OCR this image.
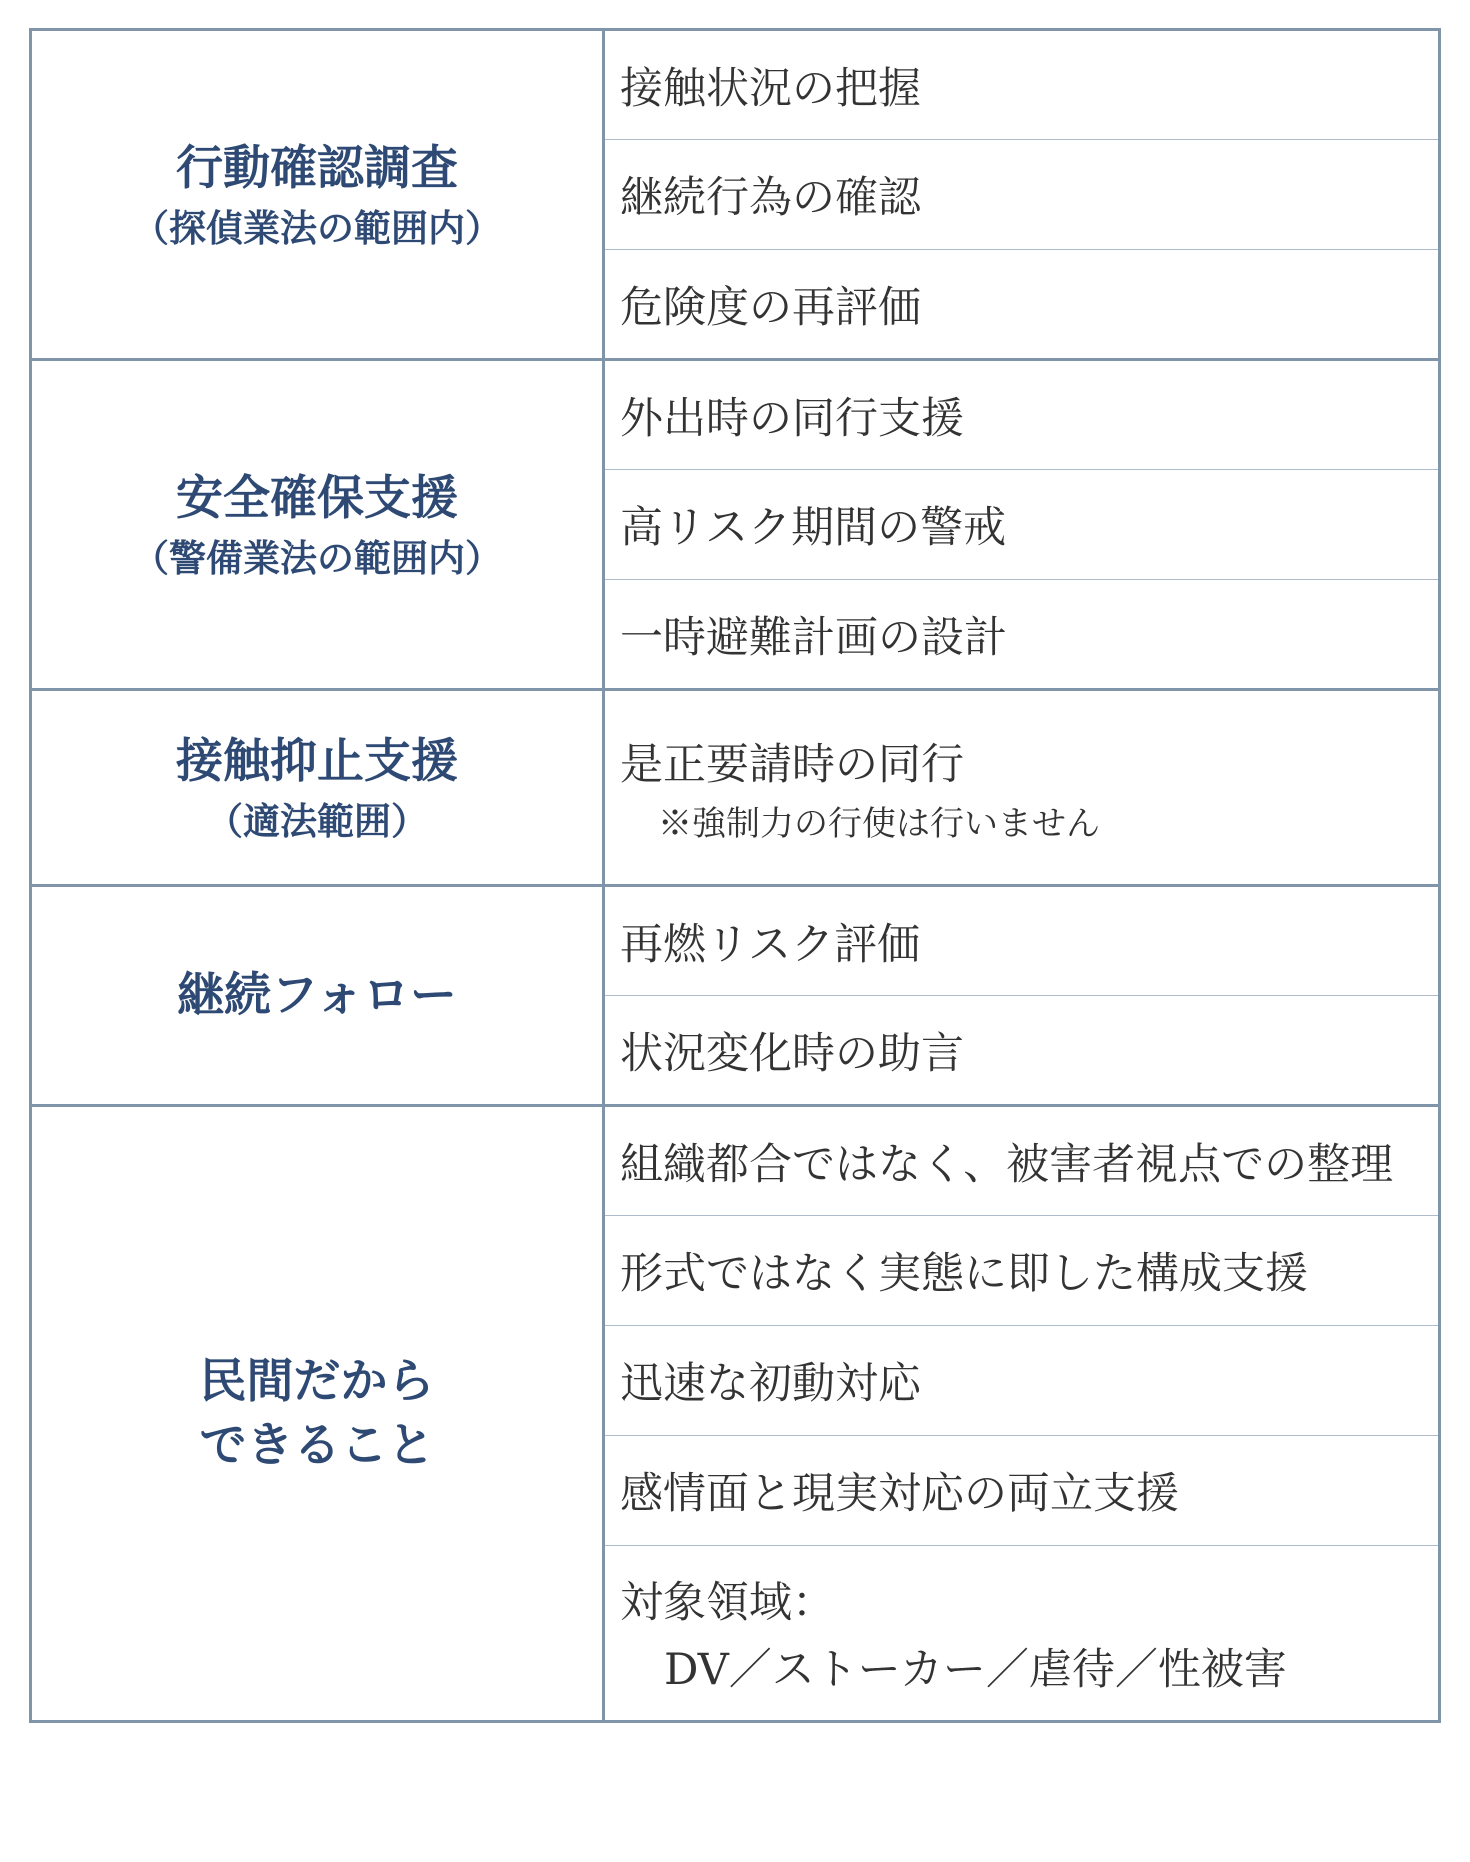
行動確認調査
（探偵業法の範囲内）	接触状況の把握
	継続行為の確認
	危険度の再評価

安全確保支援
（警備業法の範囲内）	外出時の同行支援
	高リスク期間の警戒
	一時避難計画の設計

接触抑止支援
（適法範囲）	是正要請時の同行
※強制力の行使は行いません

継続フォロー	再燃リスク評価
	状況変化時の助言

民間だから
できること	組織都合ではなく、被害者視点での整理
	形式ではなく実態に即した構成支援
	迅速な初動対応
	感情面と現実対応の両立支援
	対象領域：
DV／ストーカー／虐待／性被害
